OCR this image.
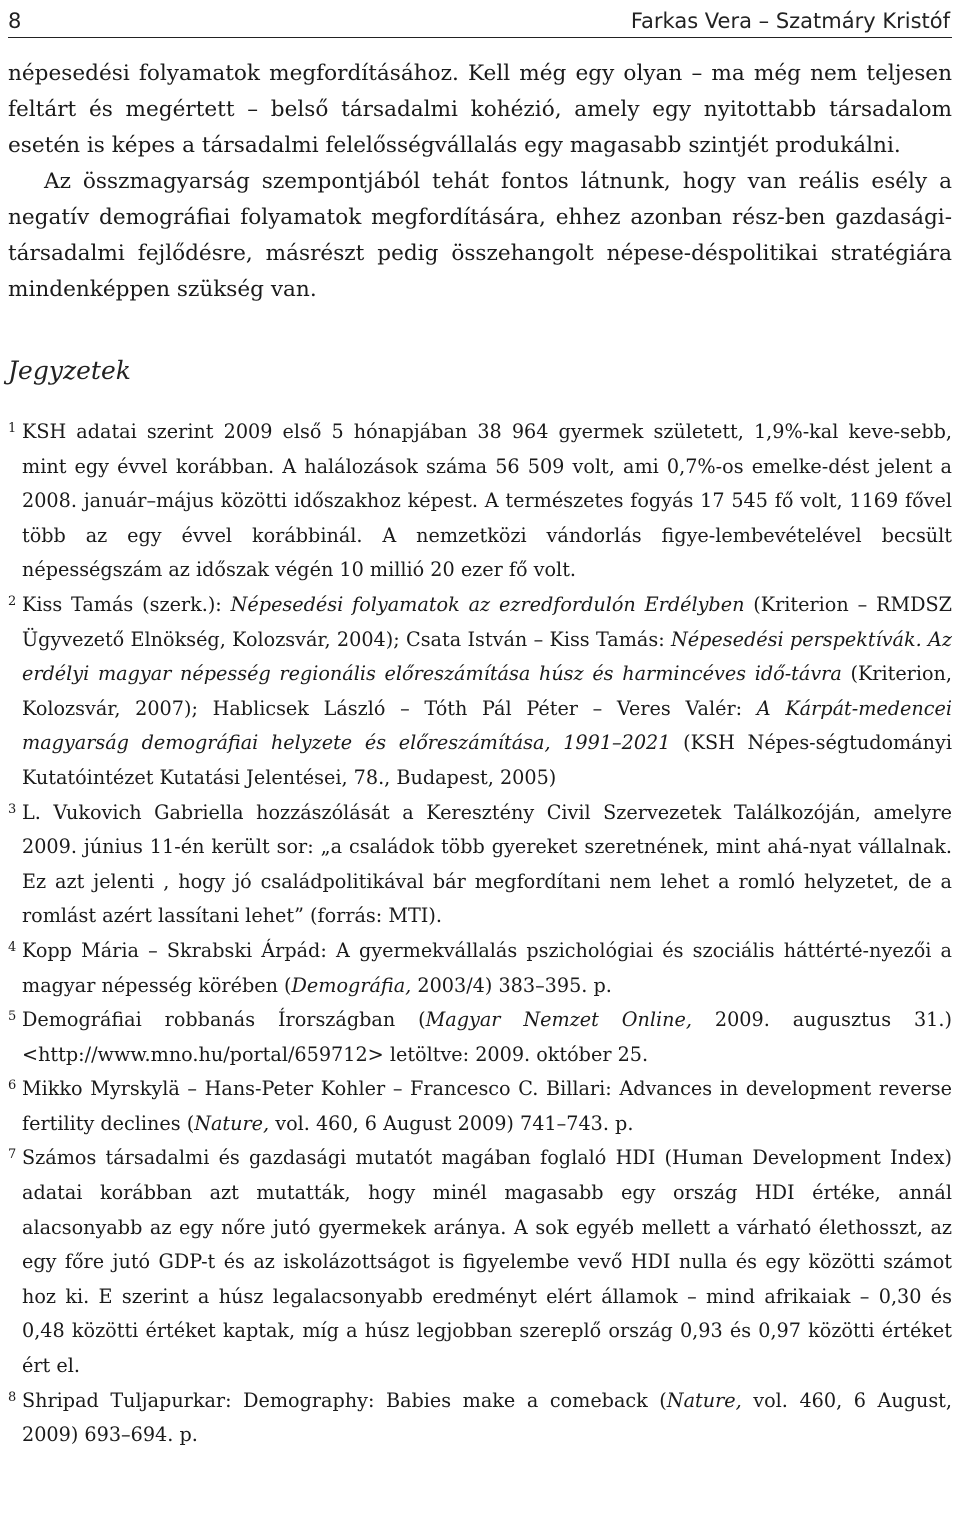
8	Farkas Vera – Szatmáry Kristóf

népesedési folyamatok megfordításához. Kell még egy olyan – ma még nem teljesen feltárt és megértett – belső társadalmi kohézió, amely egy nyitottabb társadalom esetén is képes a társadalmi felelősségvállalás egy magasabb szintjét produkálni.

Az összmagyarság szempontjából tehát fontos látnunk, hogy van reális esély a negatív demográfiai folyamatok megfordítására, ehhez azonban rész-ben gazdasági-társadalmi fejlődésre, másrészt pedig összehangolt népese-déspolitikai stratégiára mindenképpen szükség van.

Jegyzetek

1 KSH adatai szerint 2009 első 5 hónapjában 38 964 gyermek született, 1,9%-kal keve-sebb, mint egy évvel korábban. A halálozások száma 56 509 volt, ami 0,7%-os emelke-dést jelent a 2008. január–május közötti időszakhoz képest. A természetes fogyás 17 545 fő volt, 1169 fővel több az egy évvel korábbinál. A nemzetközi vándorlás figye-lembevételével becsült népességszám az időszak végén 10 millió 20 ezer fő volt.

2 Kiss Tamás (szerk.): Népesedési folyamatok az ezredfordulón Erdélyben (Kriterion – RMDSZ Ügyvezető Elnökség, Kolozsvár, 2004); Csata István – Kiss Tamás: Népesedési perspektívák. Az erdélyi magyar népesség regionális előreszámítása húsz és harmincéves idő-távra (Kriterion, Kolozsvár, 2007); Hablicsek László – Tóth Pál Péter – Veres Valér: A Kárpát-medencei magyarság demográfiai helyzete és előreszámítása, 1991–2021 (KSH Népes-ségtudományi Kutatóintézet Kutatási Jelentései, 78., Budapest, 2005)

3 L. Vukovich Gabriella hozzászólását a Keresztény Civil Szervezetek Találkozóján, amelyre 2009. június 11-én került sor: „a családok több gyereket szeretnének, mint ahá-nyat vállalnak. Ez azt jelenti , hogy jó családpolitikával bár megfordítani nem lehet a romló helyzetet, de a romlást azért lassítani lehet” (forrás: MTI).

4 Kopp Mária – Skrabski Árpád: A gyermekvállalás pszichológiai és szociális háttérté-nyezői a magyar népesség körében (Demográfia, 2003/4) 383–395. p.

5 Demográfiai robbanás Írországban (Magyar Nemzet Online, 2009. augusztus 31.) <http://www.mno.hu/portal/659712> letöltve: 2009. október 25.

6 Mikko Myrskylä – Hans-Peter Kohler – Francesco C. Billari: Advances in development reverse fertility declines (Nature, vol. 460, 6 August 2009) 741–743. p.

7 Számos társadalmi és gazdasági mutatót magában foglaló HDI (Human Development Index) adatai korábban azt mutatták, hogy minél magasabb egy ország HDI értéke, annál alacsonyabb az egy nőre jutó gyermekek aránya. A sok egyéb mellett a várható élethosszt, az egy főre jutó GDP-t és az iskolázottságot is figyelembe vevő HDI nulla és egy közötti számot hoz ki. E szerint a húsz legalacsonyabb eredményt elért államok – mind afrikaiak – 0,30 és 0,48 közötti értéket kaptak, míg a húsz legjobban szereplő ország 0,93 és 0,97 közötti értéket ért el.

8 Shripad Tuljapurkar: Demography: Babies make a comeback (Nature, vol. 460, 6 August, 2009) 693–694. p.
